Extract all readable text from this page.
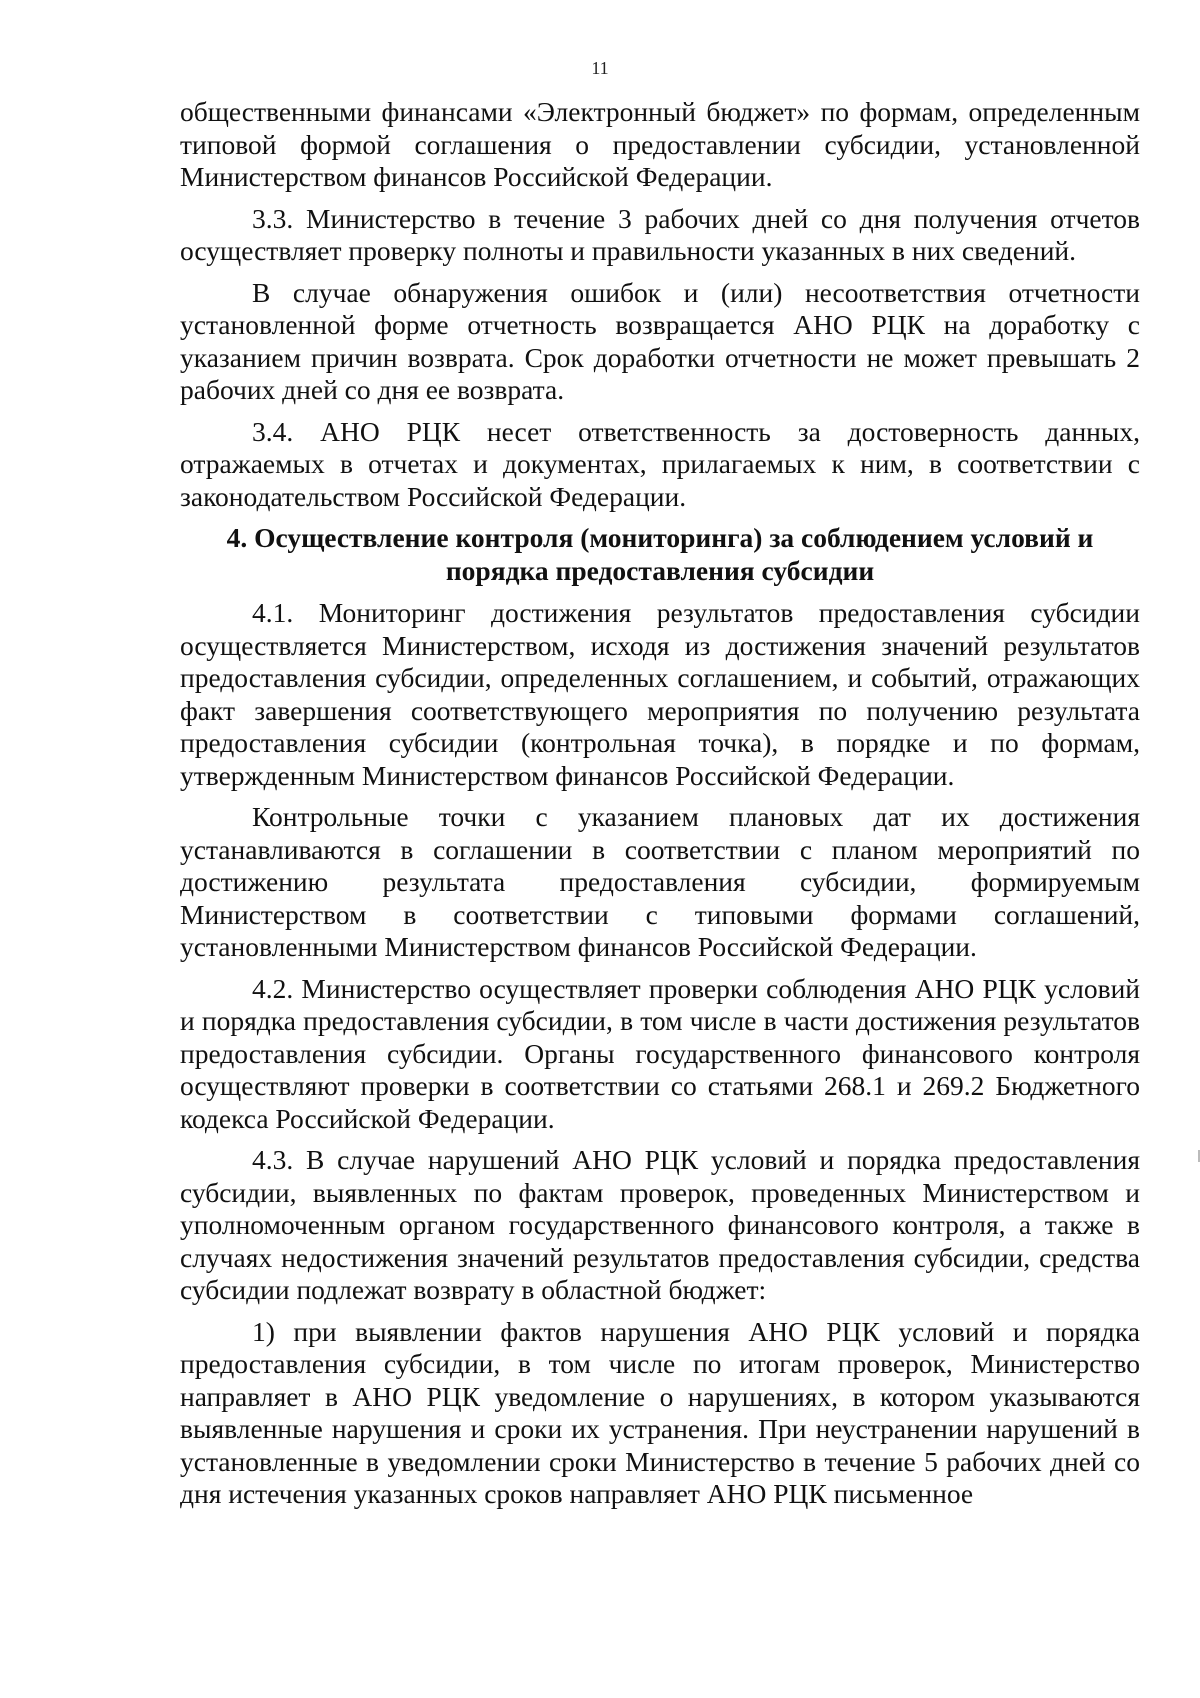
11

общественными финансами «Электронный бюджет» по формам, определенным типовой формой соглашения о предоставлении субсидии, установленной Министерством финансов Российской Федерации.

3.3. Министерство в течение 3 рабочих дней со дня получения отчетов осуществляет проверку полноты и правильности указанных в них сведений.

В случае обнаружения ошибок и (или) несоответствия отчетности установленной форме отчетность возвращается АНО РЦК на доработку с указанием причин возврата. Срок доработки отчетности не может превышать 2 рабочих дней со дня ее возврата.

3.4. АНО РЦК несет ответственность за достоверность данных, отражаемых в отчетах и документах, прилагаемых к ним, в соответствии с законодательством Российской Федерации.

4. Осуществление контроля (мониторинга) за соблюдением условий и порядка предоставления субсидии

4.1. Мониторинг достижения результатов предоставления субсидии осуществляется Министерством, исходя из достижения значений результатов предоставления субсидии, определенных соглашением, и событий, отражающих факт завершения соответствующего мероприятия по получению результата предоставления субсидии (контрольная точка), в порядке и по формам, утвержденным Министерством финансов Российской Федерации.

Контрольные точки с указанием плановых дат их достижения устанавливаются в соглашении в соответствии с планом мероприятий по достижению результата предоставления субсидии, формируемым Министерством в соответствии с типовыми формами соглашений, установленными Министерством финансов Российской Федерации.

4.2. Министерство осуществляет проверки соблюдения АНО РЦК условий и порядка предоставления субсидии, в том числе в части достижения результатов предоставления субсидии. Органы государственного финансового контроля осуществляют проверки в соответствии со статьями 268.1 и 269.2 Бюджетного кодекса Российской Федерации.

4.3. В случае нарушений АНО РЦК условий и порядка предоставления субсидии, выявленных по фактам проверок, проведенных Министерством и уполномоченным органом государственного финансового контроля, а также в случаях недостижения значений результатов предоставления субсидии, средства субсидии подлежат возврату в областной бюджет:

1) при выявлении фактов нарушения АНО РЦК условий и порядка предоставления субсидии, в том числе по итогам проверок, Министерство направляет в АНО РЦК уведомление о нарушениях, в котором указываются выявленные нарушения и сроки их устранения. При неустранении нарушений в установленные в уведомлении сроки Министерство в течение 5 рабочих дней со дня истечения указанных сроков направляет АНО РЦК письменное
